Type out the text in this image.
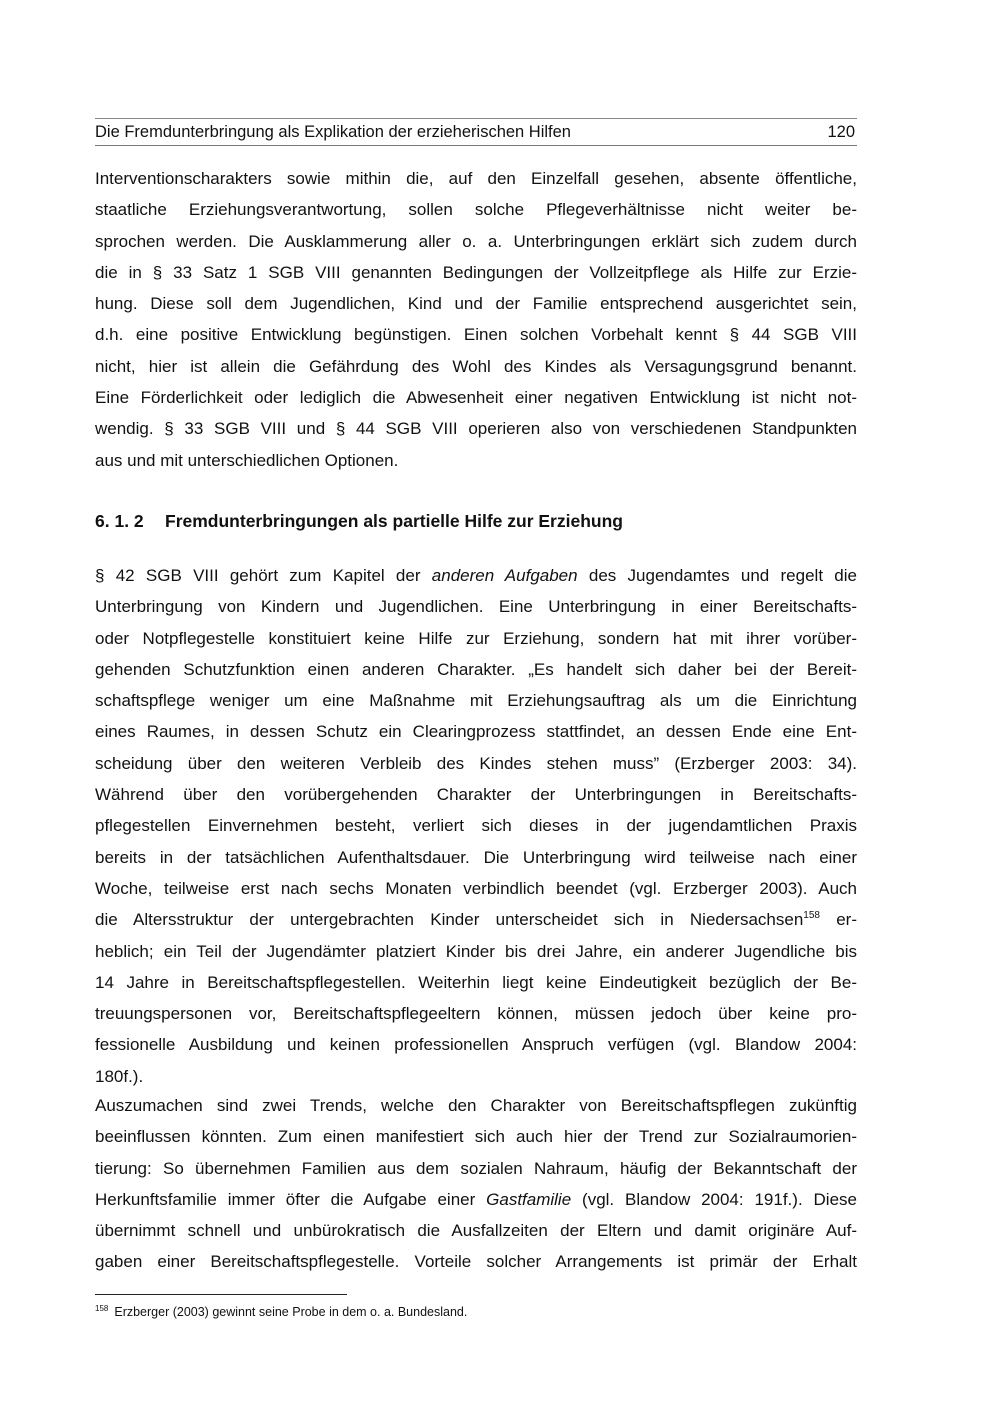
Die Fremdunterbringung als Explikation der erzieherischen Hilfen	120
Interventionscharakters sowie mithin die, auf den Einzelfall gesehen, absente öffentliche,
staatliche Erziehungsverantwortung, sollen solche Pflegeverhältnisse nicht weiter be-
sprochen werden. Die Ausklammerung aller o. a. Unterbringungen erklärt sich zudem durch
die in § 33 Satz 1 SGB VIII genannten Bedingungen der Vollzeitpflege als Hilfe zur Erzie-
hung. Diese soll dem Jugendlichen, Kind und der Familie entsprechend ausgerichtet sein,
d.h. eine positive Entwicklung begünstigen. Einen solchen Vorbehalt kennt § 44 SGB VIII
nicht, hier ist allein die Gefährdung des Wohl des Kindes als Versagungsgrund benannt.
Eine Förderlichkeit oder lediglich die Abwesenheit einer negativen Entwicklung ist nicht not-
wendig. § 33 SGB VIII und § 44 SGB VIII operieren also von verschiedenen Standpunkten
aus und mit unterschiedlichen Optionen.
6. 1. 2 Fremdunterbringungen als partielle Hilfe zur Erziehung
§ 42 SGB VIII gehört zum Kapitel der anderen Aufgaben des Jugendamtes und regelt die
Unterbringung von Kindern und Jugendlichen. Eine Unterbringung in einer Bereitschafts-
oder Notpflegestelle konstituiert keine Hilfe zur Erziehung, sondern hat mit ihrer vorüber-
gehenden Schutzfunktion einen anderen Charakter. „Es handelt sich daher bei der Bereit-
schaftspflege weniger um eine Maßnahme mit Erziehungsauftrag als um die Einrichtung
eines Raumes, in dessen Schutz ein Clearingprozess stattfindet, an dessen Ende eine Ent-
scheidung über den weiteren Verbleib des Kindes stehen muss” (Erzberger 2003: 34).
Während über den vorübergehenden Charakter der Unterbringungen in Bereitschafts-
pflegestellen Einvernehmen besteht, verliert sich dieses in der jugendamtlichen Praxis
bereits in der tatsächlichen Aufenthaltsdauer. Die Unterbringung wird teilweise nach einer
Woche, teilweise erst nach sechs Monaten verbindlich beendet (vgl. Erzberger 2003). Auch
die Altersstruktur der untergebrachten Kinder unterscheidet sich in Niedersachsen$^{158}$ er-
heblich; ein Teil der Jugendämter platziert Kinder bis drei Jahre, ein anderer Jugendliche bis
14 Jahre in Bereitschaftspflegestellen. Weiterhin liegt keine Eindeutigkeit bezüglich der Be-
treuungspersonen vor, Bereitschaftspflegeeltern können, müssen jedoch über keine pro-
fessionelle Ausbildung und keinen professionellen Anspruch verfügen (vgl. Blandow 2004:
180f.).
Auszumachen sind zwei Trends, welche den Charakter von Bereitschaftspflegen zukünftig
beeinflussen könnten. Zum einen manifestiert sich auch hier der Trend zur Sozialraumorien-
tierung: So übernehmen Familien aus dem sozialen Nahraum, häufig der Bekanntschaft der
Herkunftsfamilie immer öfter die Aufgabe einer Gastfamilie (vgl. Blandow 2004: 191f.). Diese
übernimmt schnell und unbürokratisch die Ausfallzeiten der Eltern und damit originäre Auf-
gaben einer Bereitschaftspflegestelle. Vorteile solcher Arrangements ist primär der Erhalt
$^{158}$ Erzberger (2003) gewinnt seine Probe in dem o. a. Bundesland.
